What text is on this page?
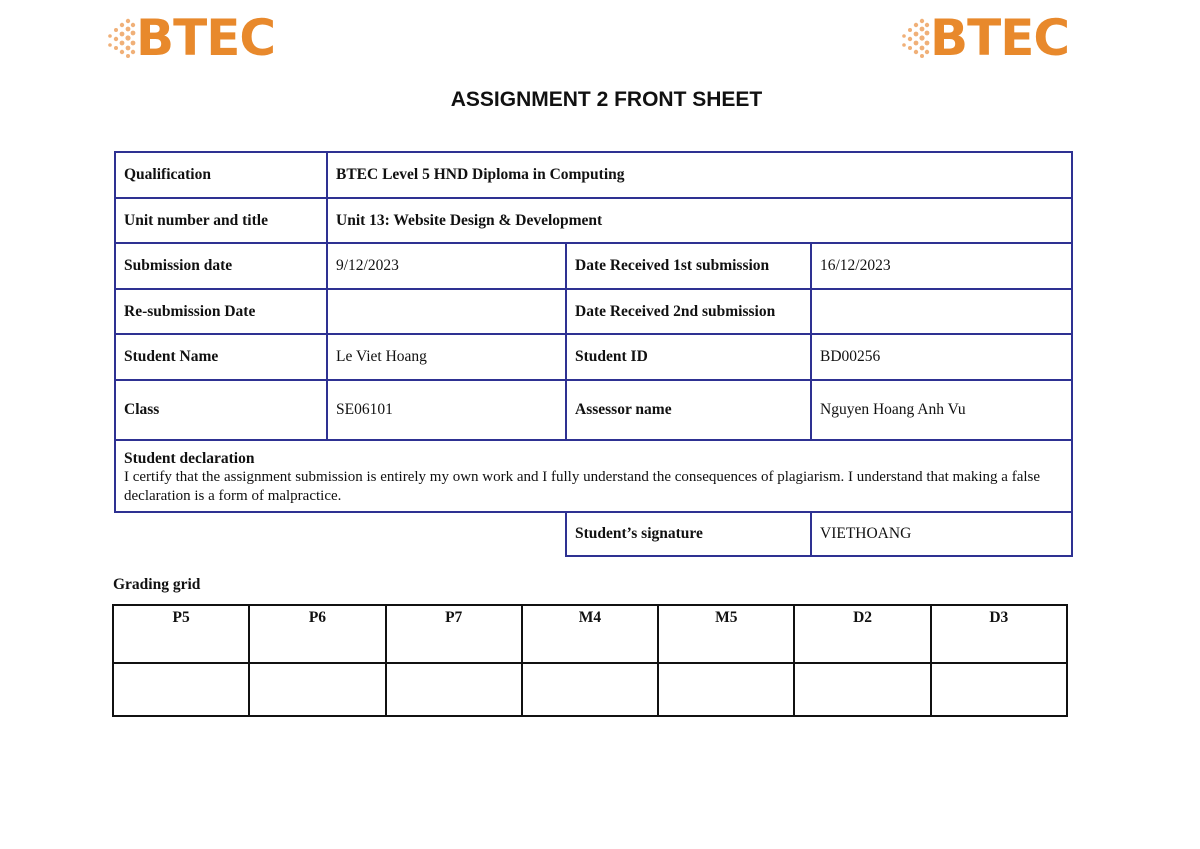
BTEC	BTEC
ASSIGNMENT 2 FRONT SHEET
Qualification	BTEC Level 5 HND Diploma in Computing		
Unit number and title	Unit 13: Website Design & Development		
Submission date	9/12/2023	Date Received 1st submission	16/12/2023
Re-submission Date		Date Received 2nd submission	
Student Name	Le Viet Hoang	Student ID	BD00256
Class	SE06101	Assessor name	Nguyen Hoang Anh Vu

Student declaration
I certify that the assignment submission is entirely my own work and I fully understand the consequences of plagiarism. I understand that making a false declaration is a form of malpractice.			

		Student’s signature	VIETHOANG
Grading grid
P5	P6	P7	M4	M5	D2	D3
